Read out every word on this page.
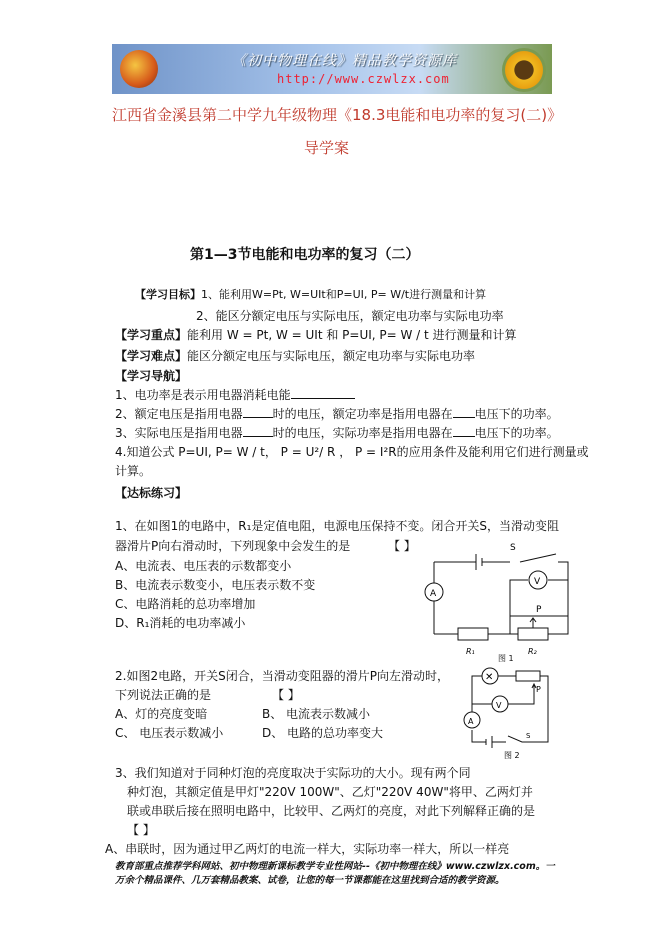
《初中物理在线》精品教学资源库
http://www.czwlzx.com
江西省金溪县第二中学九年级物理《18.3电能和电功率的复习(二)》
导学案
第1—3节电能和电功率的复习（二）
【学习目标】1、能利用W=Pt, W=UIt和P=UI, P= W/t进行测量和计算
2、能区分额定电压与实际电压，额定电功率与实际电功率
【学习重点】能利用 W = Pt, W = UIt 和 P=UI, P= W / t 进行测量和计算
【学习难点】能区分额定电压与实际电压，额定电功率与实际电功率
【学习导航】
1、电功率是表示用电器消耗电能
2、额定电压是指用电器	时的电压，额定功率是指用电器在 电压下的功率。
3、实际电压是指用电器	时的电压，实际功率是指用电器在 电压下的功率。
4.知道公式 P=UI, P= W / t， P = U²/ R ， P = I²R的应用条件及能利用它们进行测量或
计算。
【达标练习】
1、在如图1的电路中，R₁是定值电阻，电源电压保持不变。闭合开关S，当滑动变阻
器滑片P向右滑动时，下列现象中会发生的是	【 】
A、电流表、电压表的示数都变小
B、电流表示数变小，电压表示数不变
C、电路消耗的总功率增加
D、R₁消耗的电功率减小
S
A
V
P
R₁	R₂
图 1
2.如图2电路，开关S闭合，当滑动变阻器的滑片P向左滑动时，
下列说法正确的是	【 】
A、灯的亮度变暗	B、 电流表示数减小
C、 电压表示数减小	D、 电路的总功率变大
✕
V
A
P
S
图 2
3、我们知道对于同种灯泡的亮度取决于实际功的大小。现有两个同
种灯泡，其额定值是甲灯"220V 100W"、乙灯"220V 40W"将甲、乙两灯并
联或串联后接在照明电路中，比较甲、乙两灯的亮度，对此下列解释正确的是
【 】
A、串联时，因为通过甲乙两灯的电流一样大，实际功率一样大，所以一样亮
教育部重点推荐学科网站、初中物理新课标教学专业性网站--《初中物理在线》www.czwlzx.com。一
万余个精品课件、几万套精品教案、试卷，让您的每一节课都能在这里找到合适的教学资源。
